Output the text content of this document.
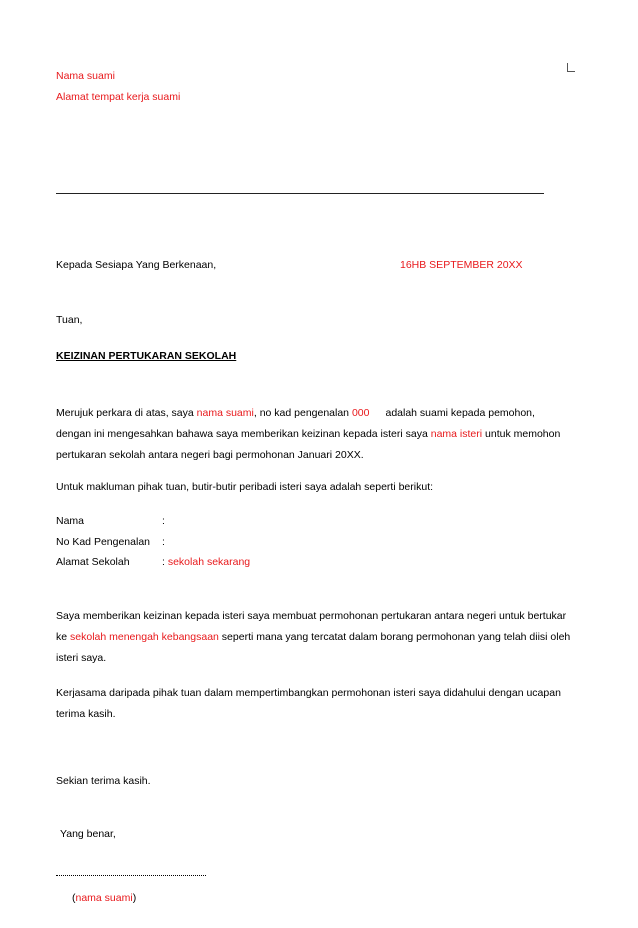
Nama suami
Alamat tempat kerja suami
Kepada Sesiapa Yang Berkenaan,	16HB SEPTEMBER 20XX
Tuan,
KEIZINAN PERTUKARAN SEKOLAH
Merujuk perkara di atas, saya nama suami, no kad pengenalan 000 adalah suami kepada pemohon,
dengan ini mengesahkan bahawa saya memberikan keizinan kepada isteri saya nama isteri untuk memohon
pertukaran sekolah antara negeri bagi permohonan Januari 20XX.
Untuk makluman pihak tuan, butir-butir peribadi isteri saya adalah seperti berikut:
Nama	:
No Kad Pengenalan :
Alamat Sekolah	: sekolah sekarang
Saya memberikan keizinan kepada isteri saya membuat permohonan pertukaran antara negeri untuk bertukar
ke sekolah menengah kebangsaan seperti mana yang tercatat dalam borang permohonan yang telah diisi oleh
isteri saya.
Kerjasama daripada pihak tuan dalam mempertimbangkan permohonan isteri saya didahului dengan ucapan
terima kasih.
Sekian terima kasih.
Yang benar,
(nama suami)
